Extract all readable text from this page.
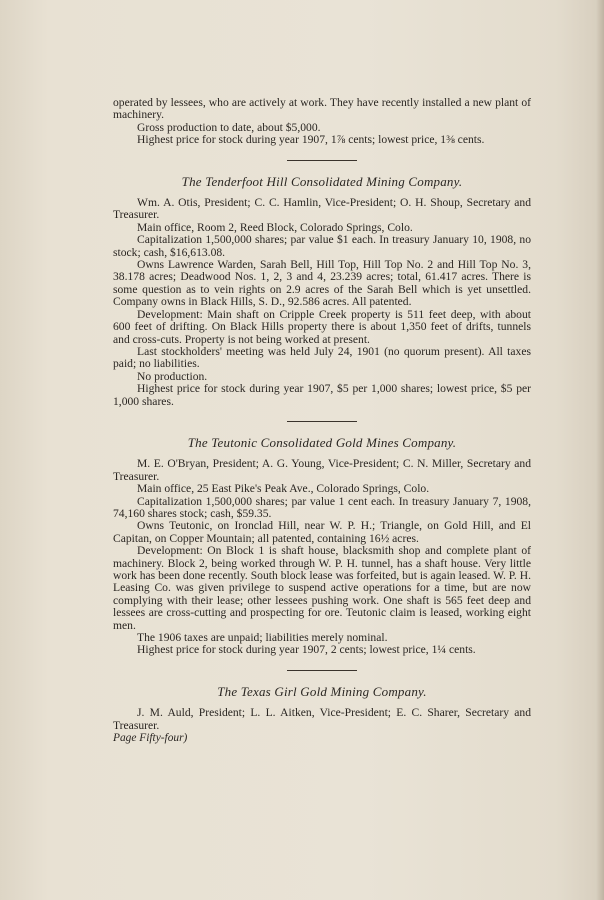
operated by lessees, who are actively at work. They have recently installed a new plant of machinery.

Gross production to date, about $5,000.

Highest price for stock during year 1907, 1⅞ cents; lowest price, 1⅜ cents.

The Tenderfoot Hill Consolidated Mining Company.

Wm. A. Otis, President; C. C. Hamlin, Vice-President; O. H. Shoup, Secretary and Treasurer.

Main office, Room 2, Reed Block, Colorado Springs, Colo.

Capitalization 1,500,000 shares; par value $1 each. In treasury January 10, 1908, no stock; cash, $16,613.08.

Owns Lawrence Warden, Sarah Bell, Hill Top, Hill Top No. 2 and Hill Top No. 3, 38.178 acres; Deadwood Nos. 1, 2, 3 and 4, 23.239 acres; total, 61.417 acres. There is some question as to vein rights on 2.9 acres of the Sarah Bell which is yet unsettled. Company owns in Black Hills, S. D., 92.586 acres. All patented.

Development: Main shaft on Cripple Creek property is 511 feet deep, with about 600 feet of drifting. On Black Hills property there is about 1,350 feet of drifts, tunnels and cross-cuts. Property is not being worked at present.

Last stockholders' meeting was held July 24, 1901 (no quorum present). All taxes paid; no liabilities.

No production.

Highest price for stock during year 1907, $5 per 1,000 shares; lowest price, $5 per 1,000 shares.

The Teutonic Consolidated Gold Mines Company.

M. E. O'Bryan, President; A. G. Young, Vice-President; C. N. Miller, Secretary and Treasurer.

Main office, 25 East Pike's Peak Ave., Colorado Springs, Colo.

Capitalization 1,500,000 shares; par value 1 cent each. In treasury January 7, 1908, 74,160 shares stock; cash, $59.35.

Owns Teutonic, on Ironclad Hill, near W. P. H.; Triangle, on Gold Hill, and El Capitan, on Copper Mountain; all patented, containing 16½ acres.

Development: On Block 1 is shaft house, blacksmith shop and complete plant of machinery. Block 2, being worked through W. P. H. tunnel, has a shaft house. Very little work has been done recently. South block lease was forfeited, but is again leased. W. P. H. Leasing Co. was given privilege to suspend active operations for a time, but are now complying with their lease; other lessees pushing work. One shaft is 565 feet deep and lessees are cross-cutting and prospecting for ore. Teutonic claim is leased, working eight men.

The 1906 taxes are unpaid; liabilities merely nominal.

Highest price for stock during year 1907, 2 cents; lowest price, 1¼ cents.

The Texas Girl Gold Mining Company.

J. M. Auld, President; L. L. Aitken, Vice-President; E. C. Sharer, Secretary and Treasurer.

Page Fifty-four)
